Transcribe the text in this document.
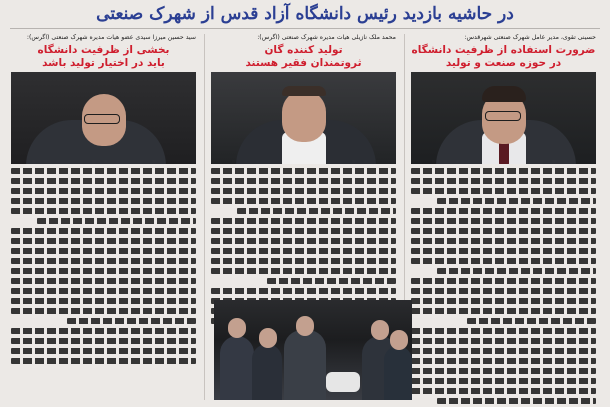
در حاشیه بازدید رئیس دانشگاه آزاد قدس از شهرک صنعتی
حسینی تقوی، مدیر عامل شهرک صنعتی شهرقدس:
ضرورت استفاده از ظرفیت دانشگاه
در حوزه صنعت و تولید
محمد ملک نازیلی هیات مدیره شهرک صنعتی (اگرس):
تولید کننده گان
ثروتمندان فقیر هستند
سید حسین میرزا سیدی عضو هیات مدیره شهرک صنعتی (اگرس):
بخشی از ظرفیت دانشگاه
باید در اختیار تولید باشد
